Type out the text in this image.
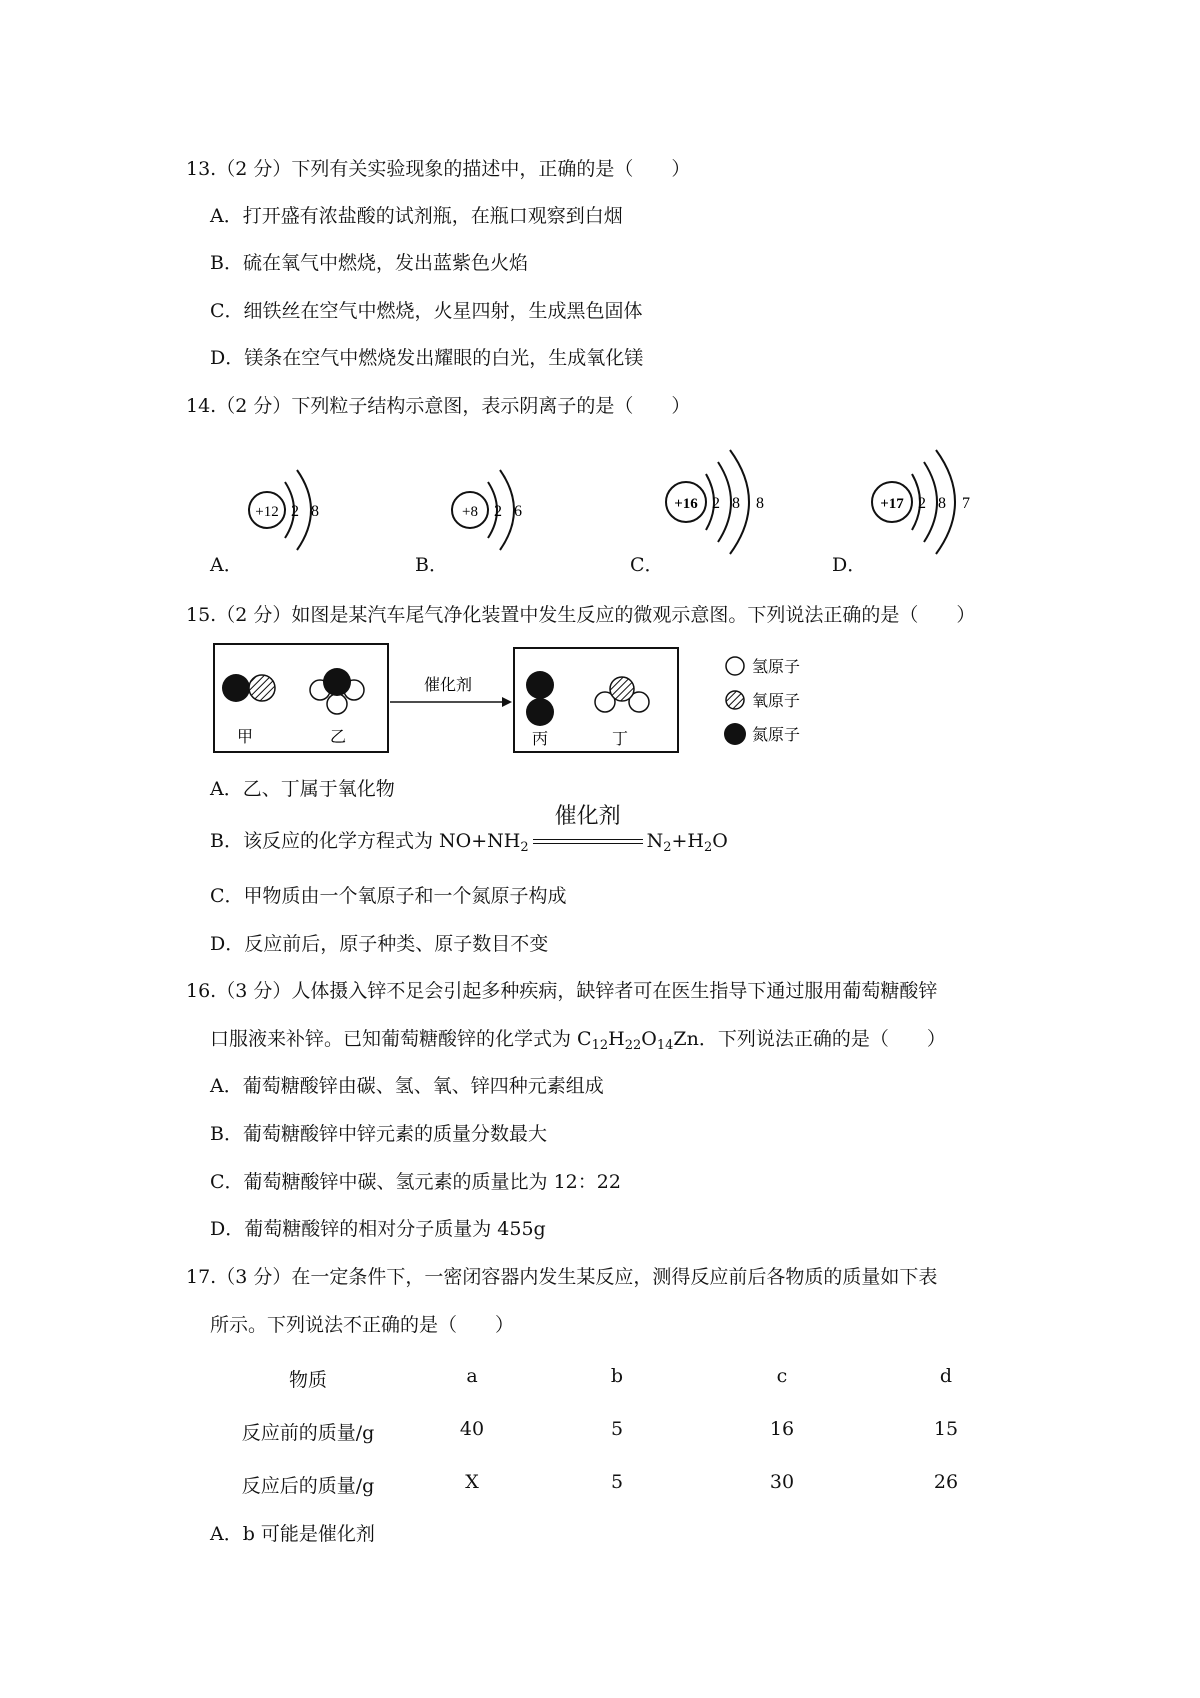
13.（2 分）下列有关实验现象的描述中，正确的是（　　）
A．打开盛有浓盐酸的试剂瓶，在瓶口观察到白烟
B．硫在氧气中燃烧，发出蓝紫色火焰
C．细铁丝在空气中燃烧，火星四射，生成黑色固体
D．镁条在空气中燃烧发出耀眼的白光，生成氧化镁
14.（2 分）下列粒子结构示意图，表示阴离子的是（　　）
A．
+12 2 8
B．
+8 2 6
C．
+16 2 8 8
D．
+17 2 8 7
15.（2 分）如图是某汽车尾气净化装置中发生反应的微观示意图。下列说法正确的是（　　）
甲	乙
催化剂
丙	丁
氢原子
氧原子
氮原子
A．乙、丁属于氧化物
B．该反应的化学方程式为 $NO+NH_2$
催化剂
$N_2+H_2O$
C．甲物质由一个氧原子和一个氮原子构成
D．反应前后，原子种类、原子数目不变
16.（3 分）人体摄入锌不足会引起多种疾病，缺锌者可在医生指导下通过服用葡萄糖酸锌
口服液来补锌。已知葡萄糖酸锌的化学式为 $C_{12}H_{22}O_{14}Zn$．下列说法正确的是（　　）
A．葡萄糖酸锌由碳、氢、氧、锌四种元素组成
B．葡萄糖酸锌中锌元素的质量分数最大
C．葡萄糖酸锌中碳、氢元素的质量比为 12：22
D．葡萄糖酸锌的相对分子质量为 455g
17.（3 分）在一定条件下，一密闭容器内发生某反应，测得反应前后各物质的质量如下表
所示。下列说法不正确的是（　　）
物质	a	b	c	d
反应前的质量/g	40	5	16	15
反应后的质量/g	X	5	30	26
A．b 可能是催化剂
